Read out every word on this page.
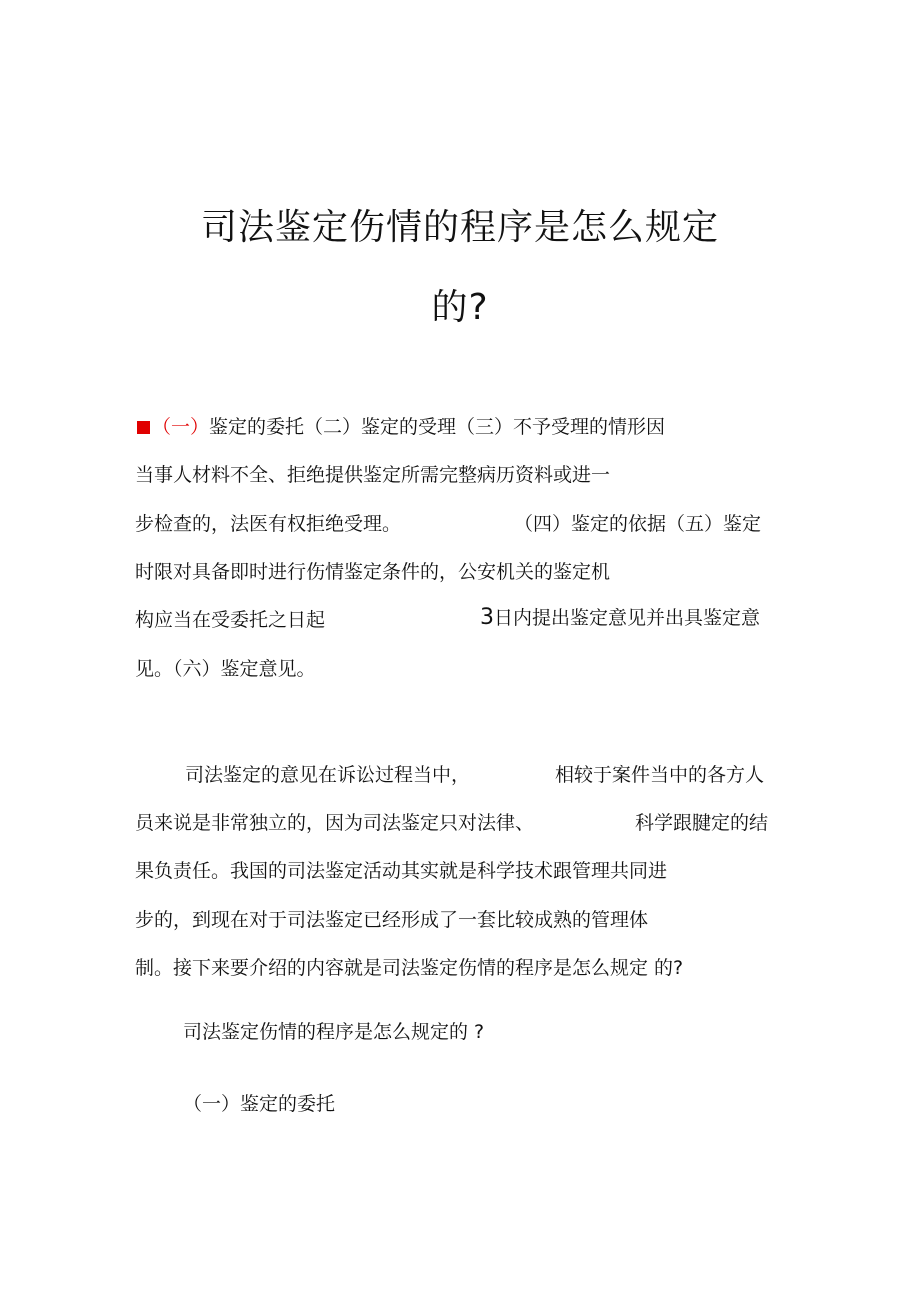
司法鉴定伤情的程序是怎么规定
的?
（一）鉴定的委托（二）鉴定的受理（三）不予受理的情形因
当事人材料不全、拒绝提供鉴定所需完整病历资料或进一
步检查的，法医有权拒绝受理。	（四）鉴定的依据（五）鉴定
时限对具备即时进行伤情鉴定条件的，公安机关的鉴定机
构应当在受委托之日起	3日内提出鉴定意见并出具鉴定意
见。（六）鉴定意见。
司法鉴定的意见在诉讼过程当中，	相较于案件当中的各方人
员来说是非常独立的，因为司法鉴定只对法律、	科学跟腱定的结
果负责任。我国的司法鉴定活动其实就是科学技术跟管理共同进
步的，到现在对于司法鉴定已经形成了一套比较成熟的管理体
制。接下来要介绍的内容就是司法鉴定伤情的程序是怎么规定 的?
司法鉴定伤情的程序是怎么规定的 ?
（一）鉴定的委托
